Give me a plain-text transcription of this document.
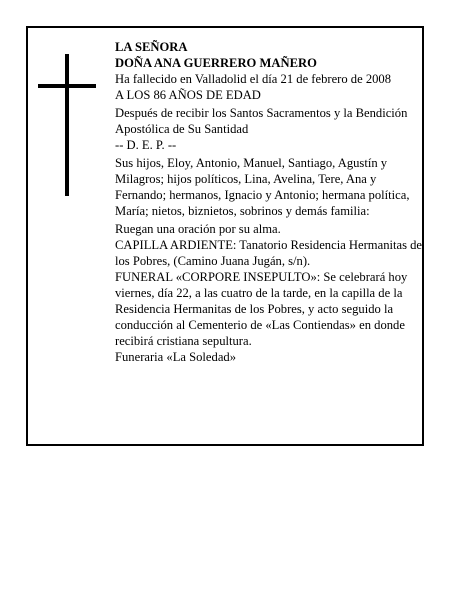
LA SEÑORA

DOÑA ANA GUERRERO MAÑERO

Ha fallecido en Valladolid el día 21 de febrero de 2008

A LOS 86 AÑOS DE EDAD

Después de recibir los Santos Sacramentos y la Bendición Apostólica de Su Santidad

-- D. E. P. --

Sus hijos, Eloy, Antonio, Manuel, Santiago, Agustín y Milagros; hijos políticos, Lina, Avelina, Tere, Ana y Fernando; hermanos, Ignacio y Antonio; hermana política, María; nietos, biznietos, sobrinos y demás familia:

Ruegan una oración por su alma.

CAPILLA ARDIENTE: Tanatorio Residencia Hermanitas de los Pobres, (Camino Juana Jugán, s/n).

FUNERAL «CORPORE INSEPULTO»: Se celebrará hoy viernes, día 22, a las cuatro de la tarde, en la capilla de la Residencia Hermanitas de los Pobres, y acto seguido la conducción al Cementerio de «Las Contiendas» en donde recibirá cristiana sepultura.

Funeraria «La Soledad»
